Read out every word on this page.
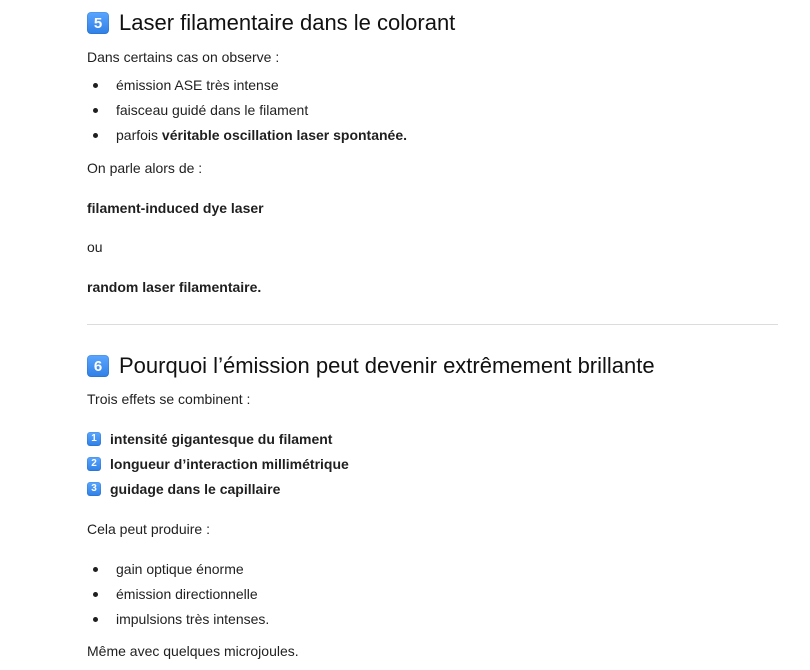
5 Laser filamentaire dans le colorant

Dans certains cas on observe :

émission ASE très intense
faisceau guidé dans le filament
parfois véritable oscillation laser spontanée.

On parle alors de :

filament-induced dye laser

ou

random laser filamentaire.

6 Pourquoi l’émission peut devenir extrêmement brillante

Trois effets se combinent :

1 intensité gigantesque du filament
2 longueur d’interaction millimétrique
3 guidage dans le capillaire

Cela peut produire :

gain optique énorme
émission directionnelle
impulsions très intenses.

Même avec quelques microjoules.
